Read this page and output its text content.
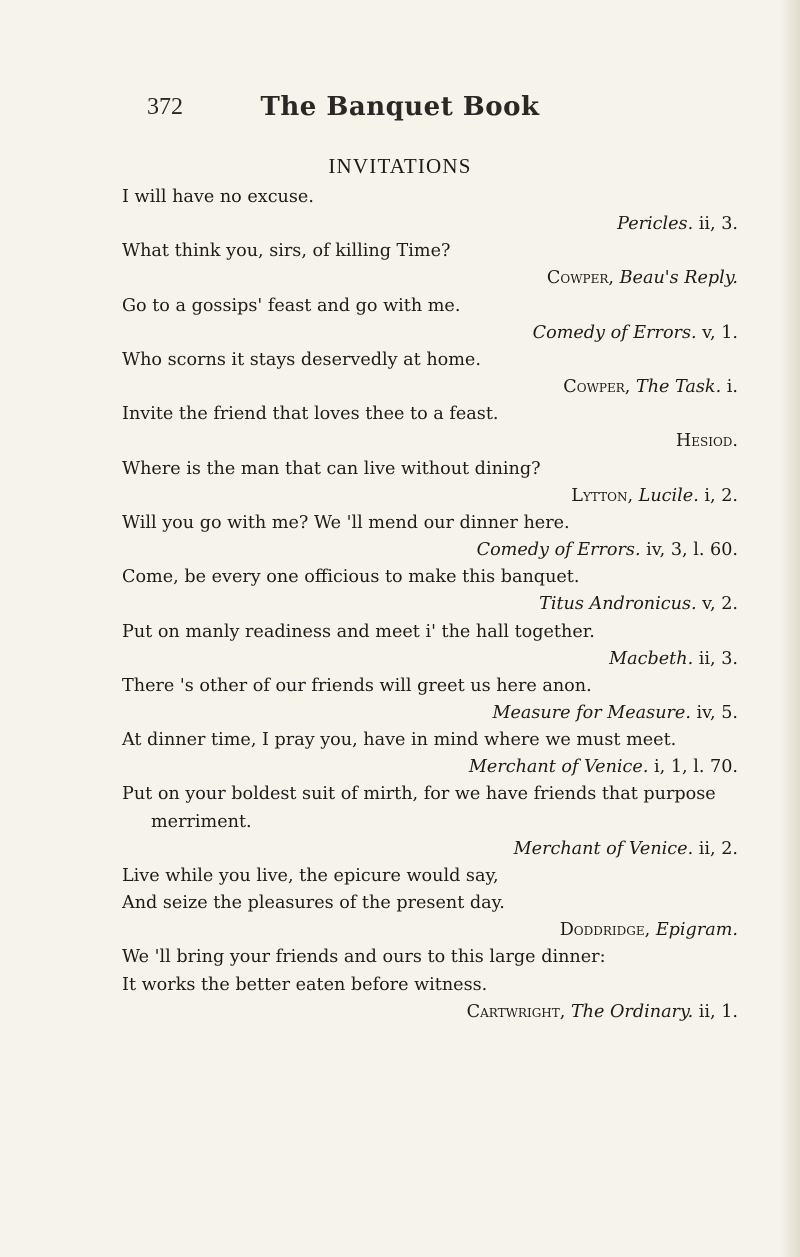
372	The Banquet Book
INVITATIONS
I will have no excuse.
Pericles. ii, 3.
What think you, sirs, of killing Time?
Cowper, Beau's Reply.
Go to a gossips' feast and go with me.
Comedy of Errors. v, 1.
Who scorns it stays deservedly at home.
Cowper, The Task. i.
Invite the friend that loves thee to a feast.
Hesiod.
Where is the man that can live without dining?
Lytton, Lucile. i, 2.
Will you go with me? We 'll mend our dinner here.
Comedy of Errors. iv, 3, l. 60.
Come, be every one officious to make this banquet.
Titus Andronicus. v, 2.
Put on manly readiness and meet i' the hall together.
Macbeth. ii, 3.
There 's other of our friends will greet us here anon.
Measure for Measure. iv, 5.
At dinner time, I pray you, have in mind where we must meet.
Merchant of Venice. i, 1, l. 70.
Put on your boldest suit of mirth, for we have friends that purpose merriment.
Merchant of Venice. ii, 2.
Live while you live, the epicure would say,
And seize the pleasures of the present day.
Doddridge, Epigram.
We 'll bring your friends and ours to this large dinner:
It works the better eaten before witness.
Cartwright, The Ordinary. ii, 1.
